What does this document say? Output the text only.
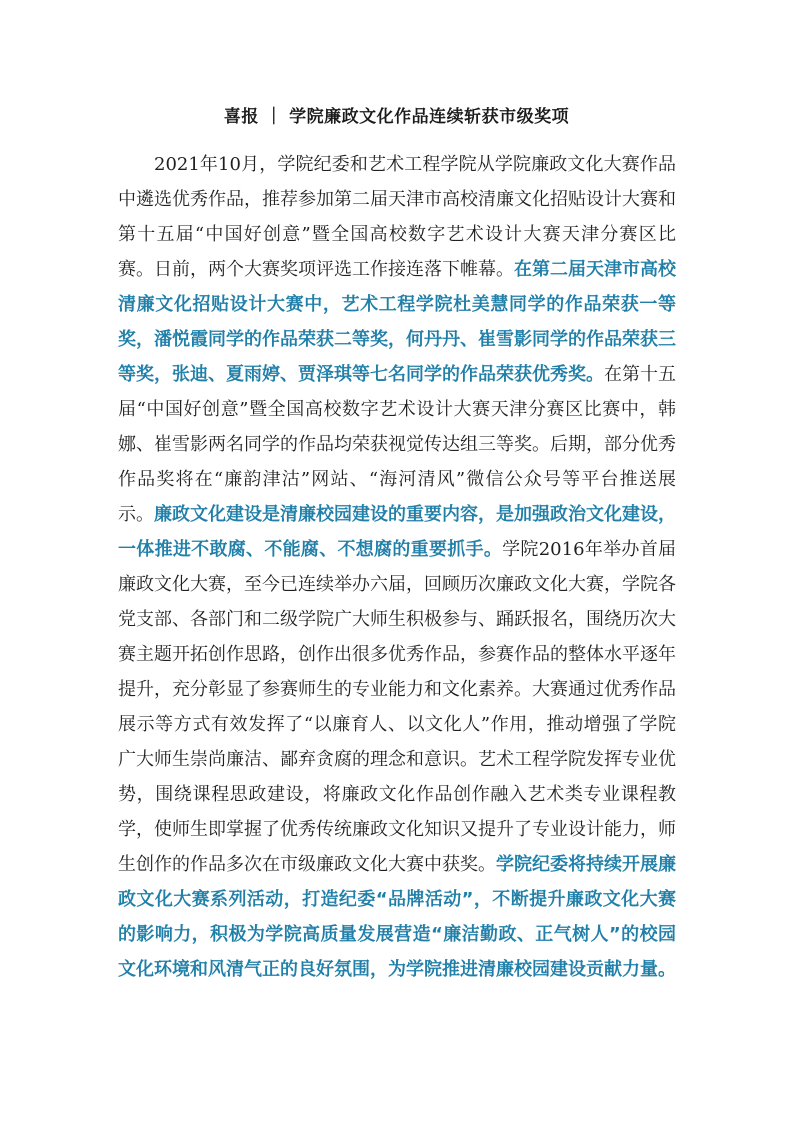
喜报 ｜ 学院廉政文化作品连续斩获市级奖项

2021年10月，学院纪委和艺术工程学院从学院廉政文化大赛作品中遴选优秀作品，推荐参加第二届天津市高校清廉文化招贴设计大赛和第十五届“中国好创意”暨全国高校数字艺术设计大赛天津分赛区比赛。日前，两个大赛奖项评选工作接连落下帷幕。在第二届天津市高校清廉文化招贴设计大赛中，艺术工程学院杜美慧同学的作品荣获一等奖，潘悦霞同学的作品荣获二等奖，何丹丹、崔雪影同学的作品荣获三等奖，张迪、夏雨婷、贾泽琪等七名同学的作品荣获优秀奖。在第十五届“中国好创意”暨全国高校数字艺术设计大赛天津分赛区比赛中，韩娜、崔雪影两名同学的作品均荣获视觉传达组三等奖。后期，部分优秀作品奖将在“廉韵津沽”网站、“海河清风”微信公众号等平台推送展示。廉政文化建设是清廉校园建设的重要内容，是加强政治文化建设，一体推进不敢腐、不能腐、不想腐的重要抓手。学院2016年举办首届廉政文化大赛，至今已连续举办六届，回顾历次廉政文化大赛，学院各党支部、各部门和二级学院广大师生积极参与、踊跃报名，围绕历次大赛主题开拓创作思路，创作出很多优秀作品，参赛作品的整体水平逐年提升，充分彰显了参赛师生的专业能力和文化素养。大赛通过优秀作品展示等方式有效发挥了“以廉育人、以文化人”作用，推动增强了学院广大师生崇尚廉洁、鄙弃贪腐的理念和意识。艺术工程学院发挥专业优势，围绕课程思政建设，将廉政文化作品创作融入艺术类专业课程教学，使师生即掌握了优秀传统廉政文化知识又提升了专业设计能力，师生创作的作品多次在市级廉政文化大赛中获奖。学院纪委将持续开展廉政文化大赛系列活动，打造纪委“品牌活动”，不断提升廉政文化大赛的影响力，积极为学院高质量发展营造“廉洁勤政、正气树人”的校园文化环境和风清气正的良好氛围，为学院推进清廉校园建设贡献力量。
